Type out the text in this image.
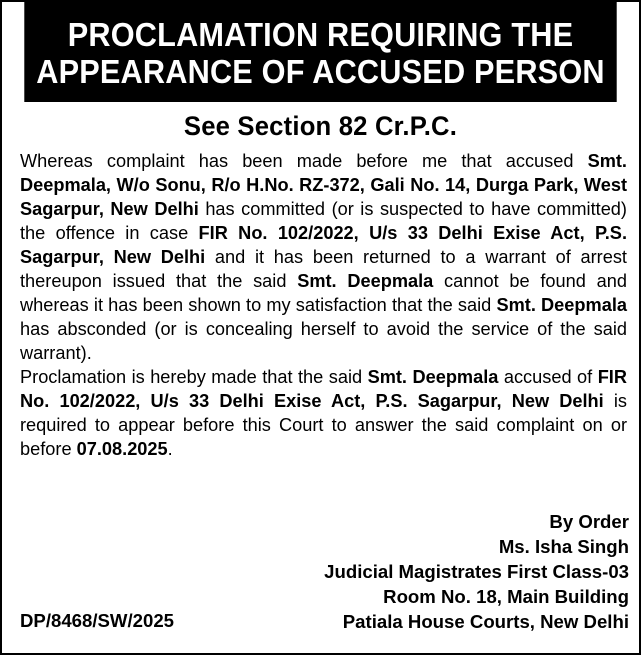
PROCLAMATION REQUIRING THE
APPEARANCE OF ACCUSED PERSON
See Section 82 Cr.P.C.

Whereas complaint has been made before me that accused Smt. Deepmala, W/o Sonu, R/o H.No. RZ-372, Gali No. 14, Durga Park, West Sagarpur, New Delhi has committed (or is suspected to have committed) the offence in case FIR No. 102/2022, U/s 33 Delhi Exise Act, P.S. Sagarpur, New Delhi and it has been returned to a warrant of arrest thereupon issued that the said Smt. Deepmala cannot be found and whereas it has been shown to my satisfaction that the said Smt. Deepmala has absconded (or is concealing herself to avoid the service of the said warrant).

Proclamation is hereby made that the said Smt. Deepmala accused of FIR No. 102/2022, U/s 33 Delhi Exise Act, P.S. Sagarpur, New Delhi is required to appear before this Court to answer the said complaint on or before 07.08.2025.

By Order
Ms. Isha Singh
Judicial Magistrates First Class-03
Room No. 18, Main Building
Patiala House Courts, New Delhi
DP/8468/SW/2025
